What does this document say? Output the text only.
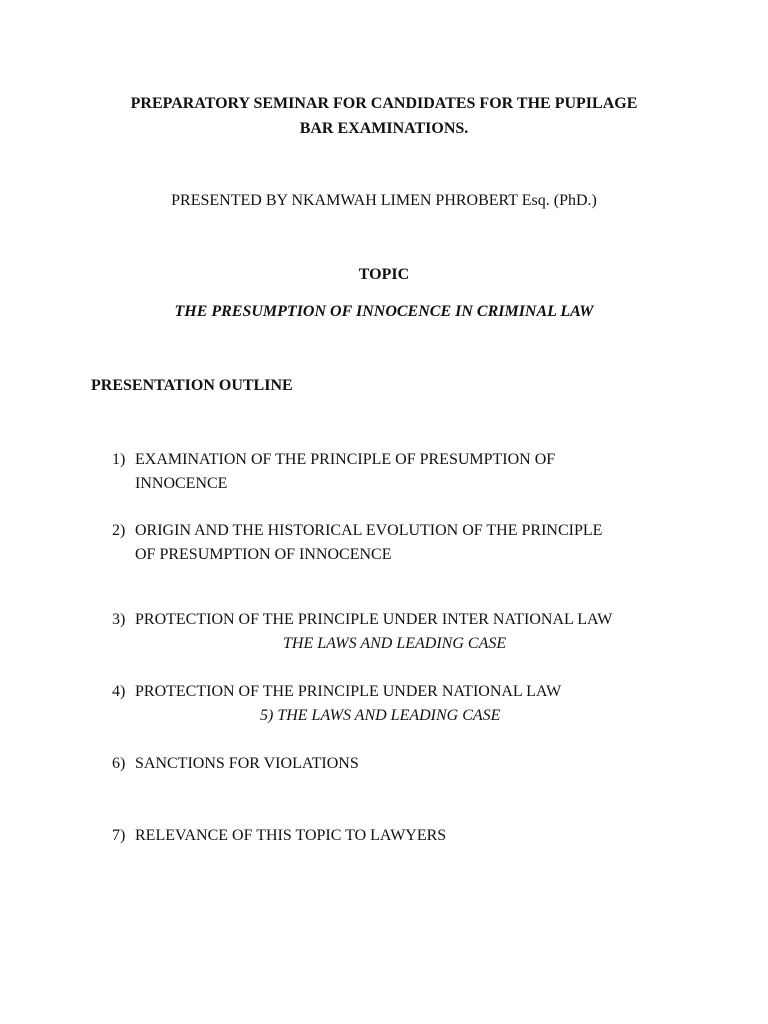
PREPARATORY SEMINAR FOR CANDIDATES FOR THE PUPILAGE
BAR EXAMINATIONS.
PRESENTED BY NKAMWAH LIMEN PHROBERT Esq. (PhD.)
TOPIC
THE PRESUMPTION OF INNOCENCE IN CRIMINAL LAW
PRESENTATION OUTLINE
1) EXAMINATION OF THE PRINCIPLE OF PRESUMPTION OF
INNOCENCE
2) ORIGIN AND THE HISTORICAL EVOLUTION OF THE PRINCIPLE
OF PRESUMPTION OF INNOCENCE
3) PROTECTION OF THE PRINCIPLE UNDER INTER NATIONAL LAW
THE LAWS AND LEADING CASE
4) PROTECTION OF THE PRINCIPLE UNDER NATIONAL LAW
5) THE LAWS AND LEADING CASE
6) SANCTIONS FOR VIOLATIONS
7) RELEVANCE OF THIS TOPIC TO LAWYERS
